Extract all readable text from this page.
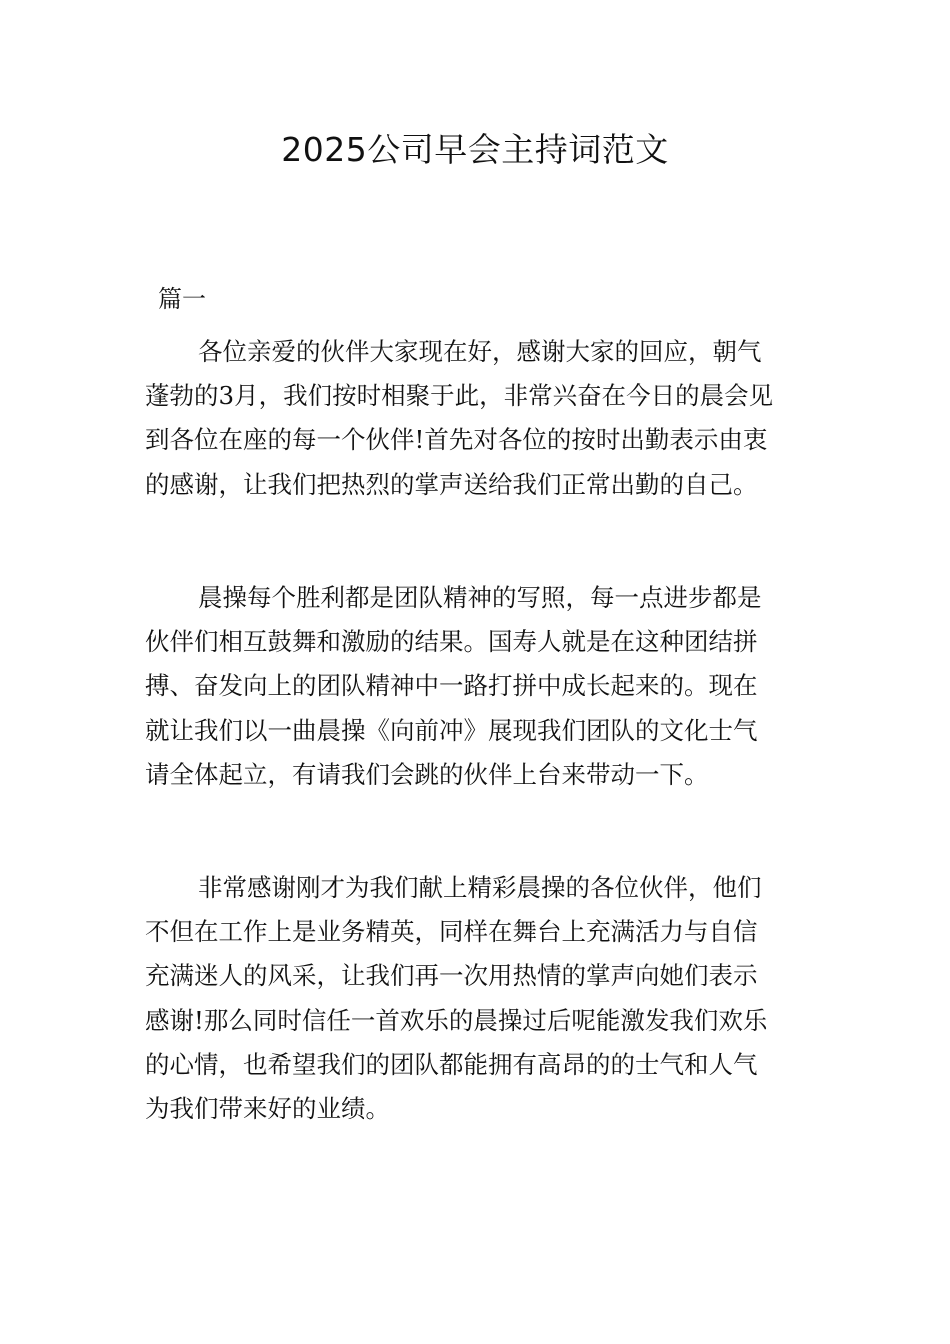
2025公司早会主持词范文
篇一
各位亲爱的伙伴大家现在好，感谢大家的回应，朝气
蓬勃的3月，我们按时相聚于此，非常兴奋在今日的晨会见
到各位在座的每一个伙伴!首先对各位的按时出勤表示由衷
的感谢，让我们把热烈的掌声送给我们正常出勤的自己。
晨操每个胜利都是团队精神的写照，每一点进步都是
伙伴们相互鼓舞和激励的结果。国寿人就是在这种团结拼
搏、奋发向上的团队精神中一路打拼中成长起来的。现在
就让我们以一曲晨操《向前冲》展现我们团队的文化士气
请全体起立，有请我们会跳的伙伴上台来带动一下。
非常感谢刚才为我们献上精彩晨操的各位伙伴，他们
不但在工作上是业务精英，同样在舞台上充满活力与自信
充满迷人的风采，让我们再一次用热情的掌声向她们表示
感谢!那么同时信任一首欢乐的晨操过后呢能激发我们欢乐
的心情，也希望我们的团队都能拥有高昂的的士气和人气
为我们带来好的业绩。
